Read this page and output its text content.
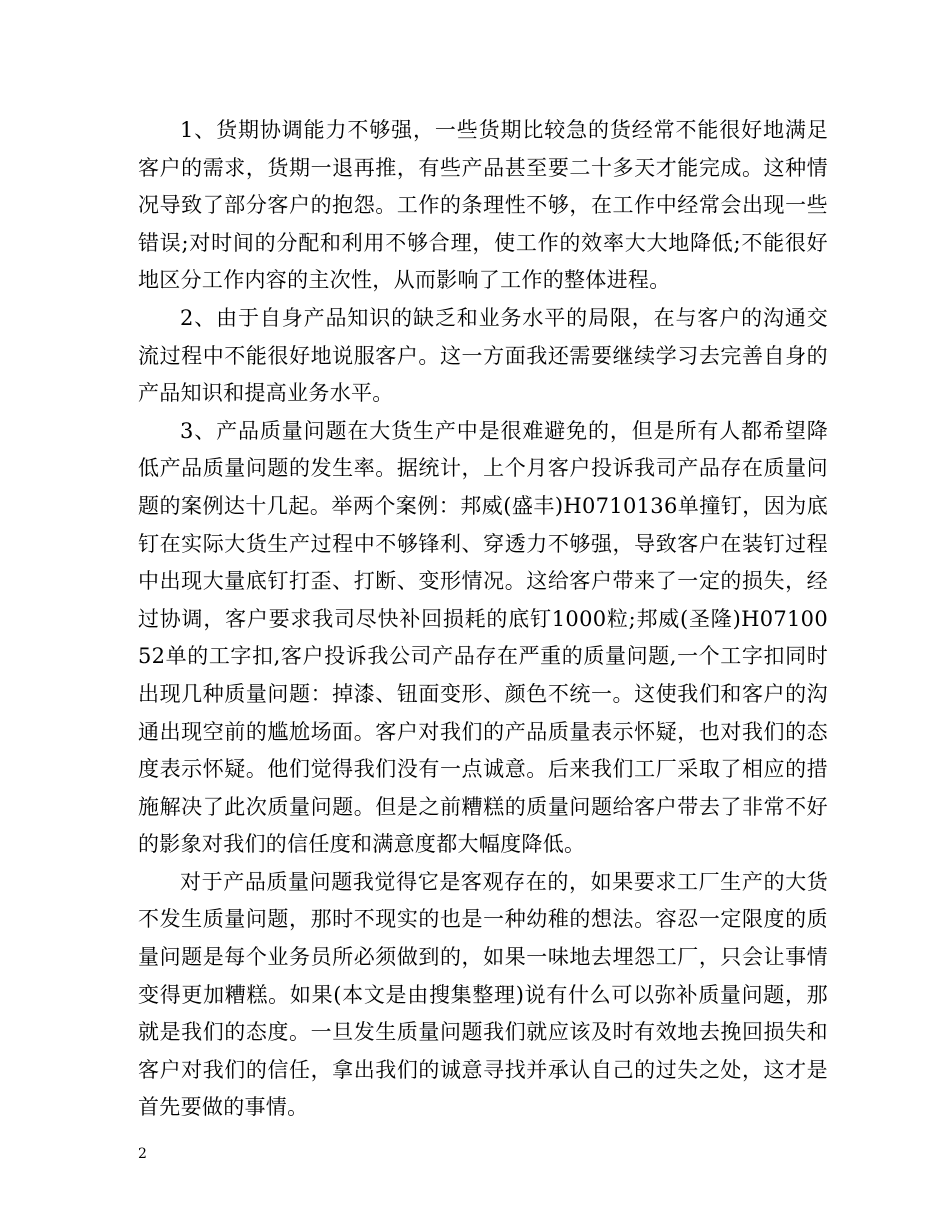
1、货期协调能力不够强，一些货期比较急的货经常不能很好地满足客户的需求，货期一退再推，有些产品甚至要二十多天才能完成。这种情况导致了部分客户的抱怨。工作的条理性不够，在工作中经常会出现一些错误;对时间的分配和利用不够合理，使工作的效率大大地降低;不能很好地区分工作内容的主次性，从而影响了工作的整体进程。

2、由于自身产品知识的缺乏和业务水平的局限，在与客户的沟通交流过程中不能很好地说服客户。这一方面我还需要继续学习去完善自身的产品知识和提高业务水平。

3、产品质量问题在大货生产中是很难避免的，但是所有人都希望降低产品质量问题的发生率。据统计，上个月客户投诉我司产品存在质量问题的案例达十几起。举两个案例：邦威(盛丰)H0710136单撞钉，因为底钉在实际大货生产过程中不够锋利、穿透力不够强，导致客户在装钉过程中出现大量底钉打歪、打断、变形情况。这给客户带来了一定的损失，经过协调，客户要求我司尽快补回损耗的底钉1000粒;邦威(圣隆)H0710052单的工字扣,客户投诉我公司产品存在严重的质量问题,一个工字扣同时出现几种质量问题：掉漆、钮面变形、颜色不统一。这使我们和客户的沟通出现空前的尴尬场面。客户对我们的产品质量表示怀疑，也对我们的态度表示怀疑。他们觉得我们没有一点诚意。后来我们工厂采取了相应的措施解决了此次质量问题。但是之前糟糕的质量问题给客户带去了非常不好的影象对我们的信任度和满意度都大幅度降低。

对于产品质量问题我觉得它是客观存在的，如果要求工厂生产的大货不发生质量问题，那时不现实的也是一种幼稚的想法。容忍一定限度的质量问题是每个业务员所必须做到的，如果一味地去埋怨工厂，只会让事情变得更加糟糕。如果(本文是由搜集整理)说有什么可以弥补质量问题，那就是我们的态度。一旦发生质量问题我们就应该及时有效地去挽回损失和客户对我们的信任，拿出我们的诚意寻找并承认自己的过失之处，这才是首先要做的事情。

2
